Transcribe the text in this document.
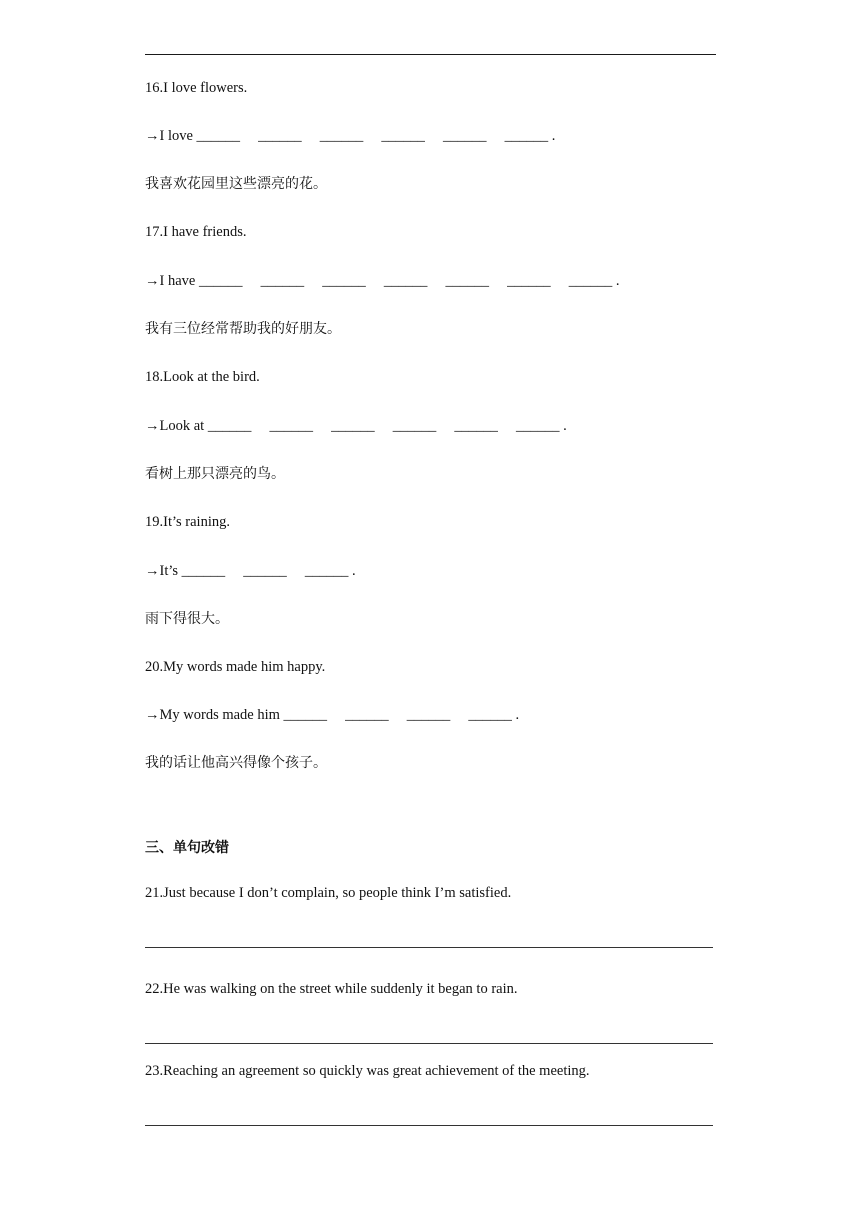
16.I love flowers.
→I love ______     ______     ______     ______     ______     ______ .
我喜欢花园里这些漂亮的花。
17.I have friends.
→I have ______     ______     ______     ______     ______     ______     ______ .
我有三位经常帮助我的好朋友。
18.Look at the bird.
→Look at ______     ______     ______     ______     ______     ______ .
看树上那只漂亮的鸟。
19.It’s raining.
→It’s ______     ______     ______ .
雨下得很大。
20.My words made him happy.
→My words made him ______     ______     ______     ______ .
我的话让他高兴得像个孩子。
三、单句改错
21.Just because I don’t complain, so people think I’m satisfied.
22.He was walking on the street while suddenly it began to rain.
23.Reaching an agreement so quickly was great achievement of the meeting.
